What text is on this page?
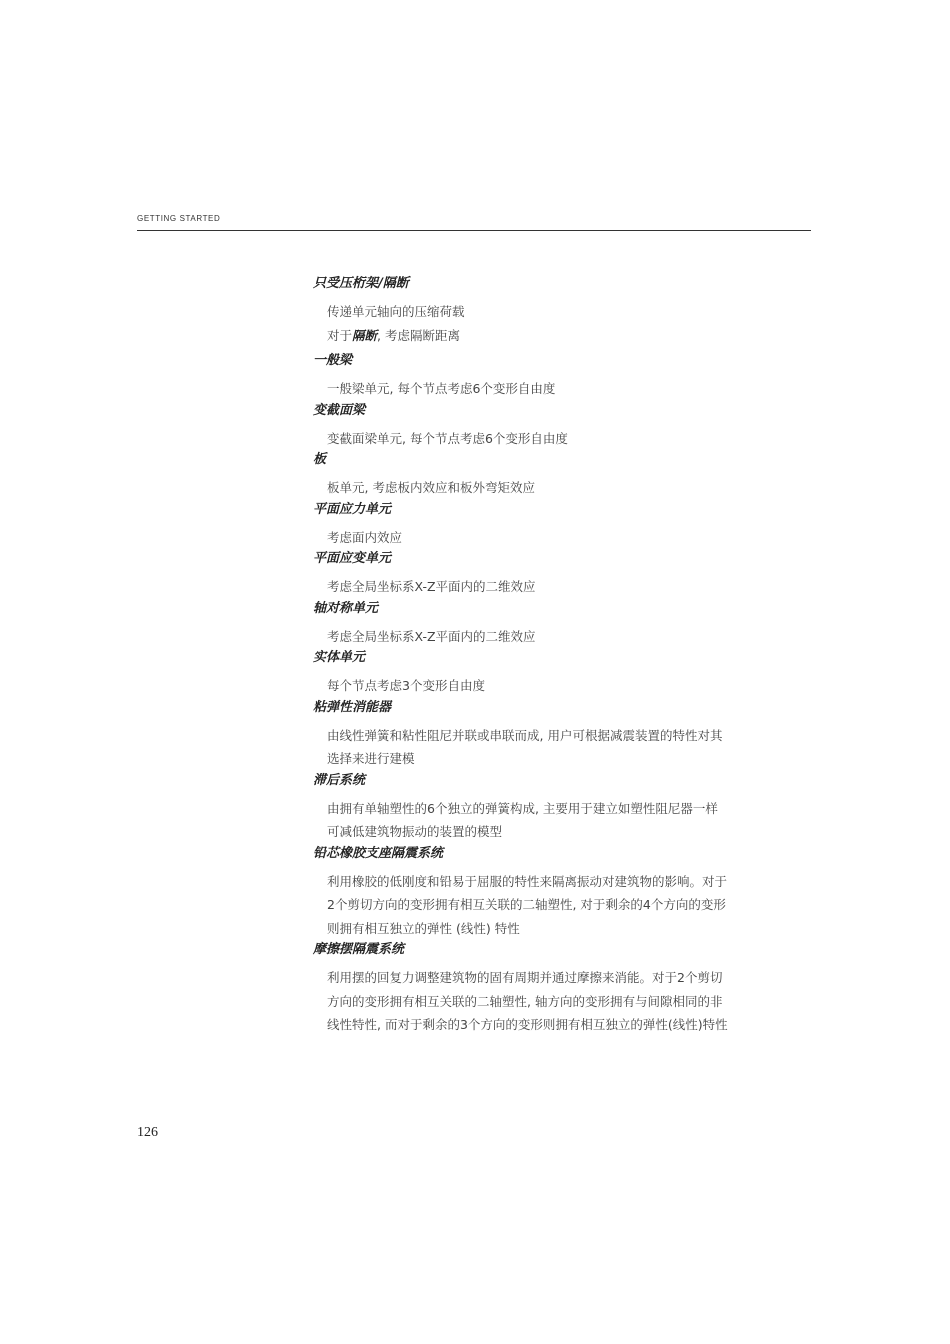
GETTING STARTED

只受压桁架/隔断

传递单元轴向的压缩荷载
对于隔断, 考虑隔断距离

一般梁

一般梁单元, 每个节点考虑6个变形自由度

变截面梁

变截面梁单元, 每个节点考虑6个变形自由度

板

板单元, 考虑板内效应和板外弯矩效应

平面应力单元

考虑面内效应

平面应变单元

考虑全局坐标系X-Z平面内的二维效应

轴对称单元

考虑全局坐标系X-Z平面内的二维效应

实体单元

每个节点考虑3个变形自由度

粘弹性消能器

由线性弹簧和粘性阻尼并联或串联而成, 用户可根据减震装置的特性对其
选择来进行建模

滞后系统

由拥有单轴塑性的6个独立的弹簧构成, 主要用于建立如塑性阻尼器一样
可减低建筑物振动的装置的模型

铅芯橡胶支座隔震系统

利用橡胶的低刚度和铅易于屈服的特性来隔离振动对建筑物的影响。对于
2个剪切方向的变形拥有相互关联的二轴塑性, 对于剩余的4个方向的变形
则拥有相互独立的弹性 (线性) 特性

摩擦摆隔震系统

利用摆的回复力调整建筑物的固有周期并通过摩擦来消能。对于2个剪切
方向的变形拥有相互关联的二轴塑性, 轴方向的变形拥有与间隙相同的非
线性特性, 而对于剩余的3个方向的变形则拥有相互独立的弹性(线性)特性
126
